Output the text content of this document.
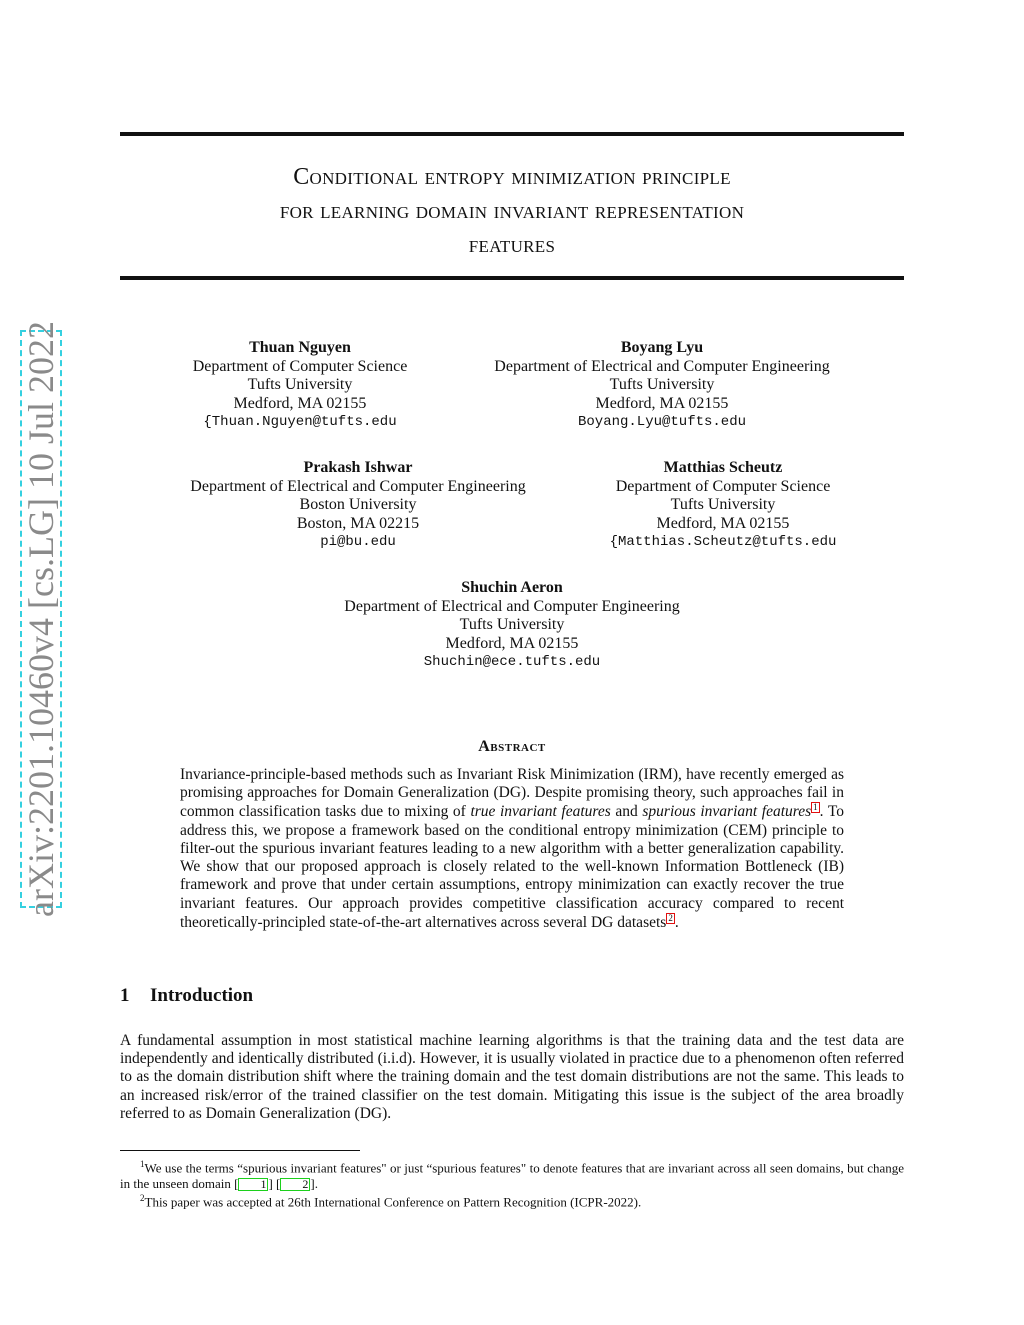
arXiv:2201.10460v4 [cs.LG] 10 Jul 2022
Conditional entropy minimization principle
for learning domain invariant representation
features
Thuan Nguyen
Department of Computer Science
Tufts University
Medford, MA 02155
{Thuan.Nguyen@tufts.edu
Boyang Lyu
Department of Electrical and Computer Engineering
Tufts University
Medford, MA 02155
Boyang.Lyu@tufts.edu
Prakash Ishwar
Department of Electrical and Computer Engineering
Boston University
Boston, MA 02215
pi@bu.edu
Matthias Scheutz
Department of Computer Science
Tufts University
Medford, MA 02155
{Matthias.Scheutz@tufts.edu
Shuchin Aeron
Department of Electrical and Computer Engineering
Tufts University
Medford, MA 02155
Shuchin@ece.tufts.edu
Abstract
Invariance-principle-based methods such as Invariant Risk Minimization (IRM), have recently emerged as promising approaches for Domain Generalization (DG). Despite promising theory, such approaches fail in common classification tasks due to mixing of true invariant features and spurious invariant features 1 . To address this, we propose a framework based on the conditional entropy minimization (CEM) principle to filter-out the spurious invariant features leading to a new algorithm with a better generalization capability. We show that our proposed approach is closely related to the well-known Information Bottleneck (IB) framework and prove that under certain assumptions, entropy minimization can exactly recover the true invariant features. Our approach provides competitive classification accuracy compared to recent theoretically-principled state-of-the-art alternatives across several DG datasets 2 .
1 Introduction
A fundamental assumption in most statistical machine learning algorithms is that the training data and the test data are independently and identically distributed (i.i.d). However, it is usually violated in practice due to a phenomenon often referred to as the domain distribution shift where the training domain and the test domain distributions are not the same. This leads to an increased risk/error of the trained classifier on the test domain. Mitigating this issue is the subject of the area broadly referred to as Domain Generalization (DG).
$^1$We use the terms “spurious invariant features" or just “spurious features" to denote features that are invariant across all seen domains, but change in the unseen domain [ 1 ] [ 2 ].
$^2$This paper was accepted at 26th International Conference on Pattern Recognition (ICPR-2022).
